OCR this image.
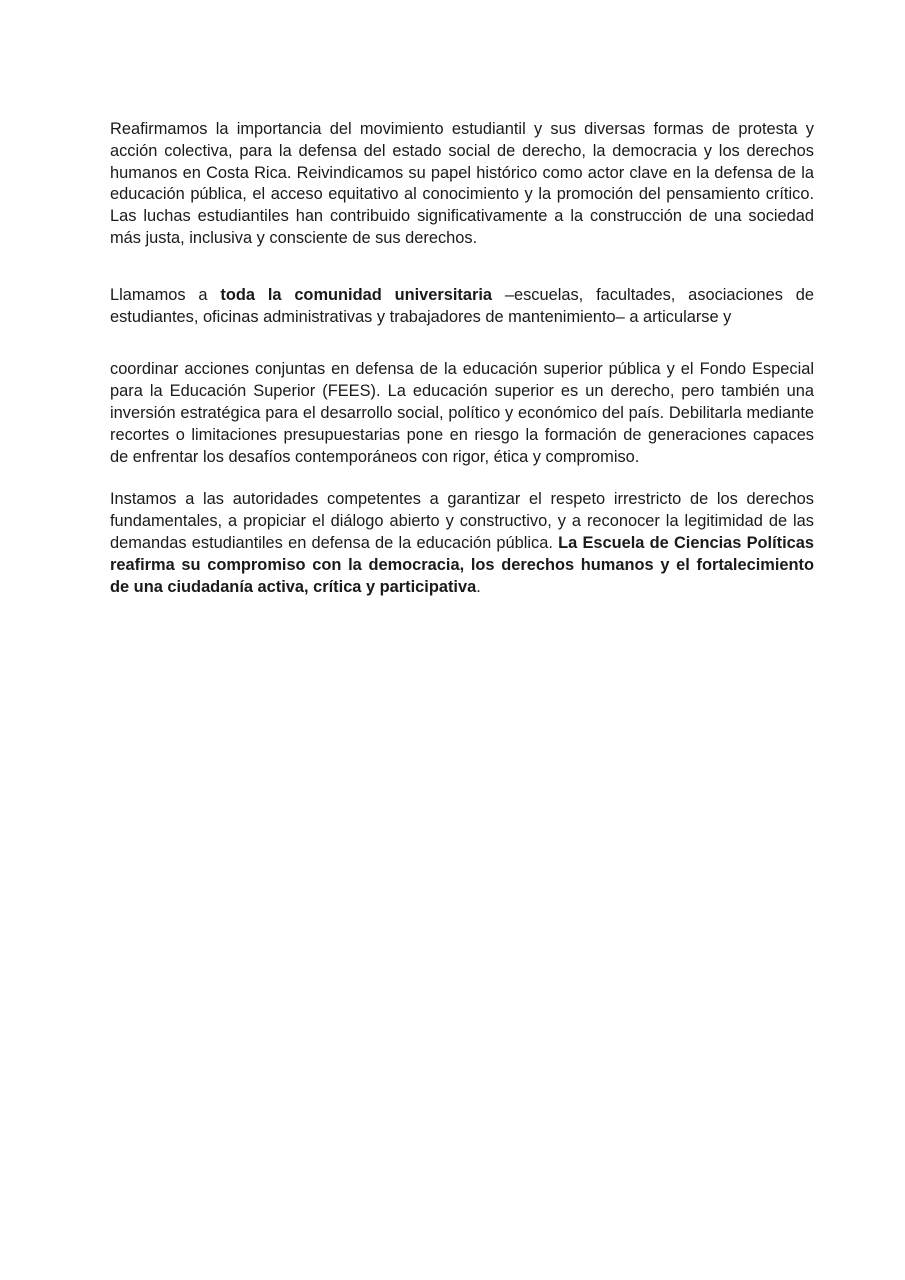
Reafirmamos la importancia del movimiento estudiantil y sus diversas formas de protesta y acción colectiva, para la defensa del estado social de derecho, la democracia y los derechos humanos en Costa Rica. Reivindicamos su papel histórico como actor clave en la defensa de la educación pública, el acceso equitativo al conocimiento y la promoción del pensamiento crítico. Las luchas estudiantiles han contribuido significativamente a la construcción de una sociedad más justa, inclusiva y consciente de sus derechos.

Llamamos a toda la comunidad universitaria –escuelas, facultades, asociaciones de estudiantes, oficinas administrativas y trabajadores de mantenimiento– a articularse y

coordinar acciones conjuntas en defensa de la educación superior pública y el Fondo Especial para la Educación Superior (FEES). La educación superior es un derecho, pero también una inversión estratégica para el desarrollo social, político y económico del país. Debilitarla mediante recortes o limitaciones presupuestarias pone en riesgo la formación de generaciones capaces de enfrentar los desafíos contemporáneos con rigor, ética y compromiso.

Instamos a las autoridades competentes a garantizar el respeto irrestricto de los derechos fundamentales, a propiciar el diálogo abierto y constructivo, y a reconocer la legitimidad de las demandas estudiantiles en defensa de la educación pública. La Escuela de Ciencias Políticas reafirma su compromiso con la democracia, los derechos humanos y el fortalecimiento de una ciudadanía activa, crítica y participativa.
